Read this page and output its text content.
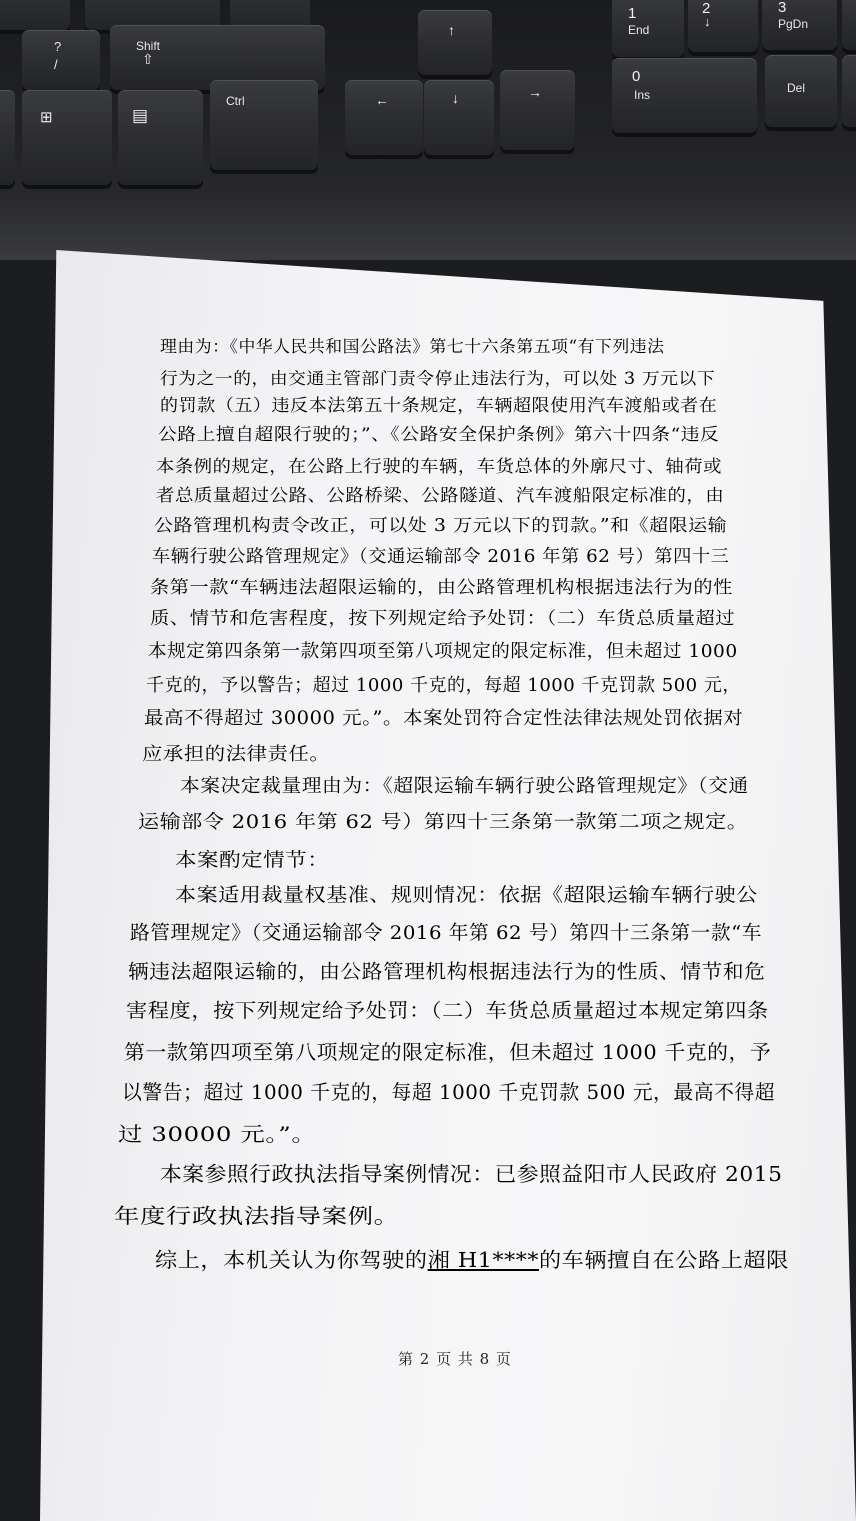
?
/
Shift
⇧
⊞	▤
Ctrl
↑
←	↓	→
1
End
2
↓
3
PgDn
0
Ins	Del
理由为：《中华人民共和国公路法》第七十六条第五项“有下列违法
行为之一的，由交通主管部门责令停止违法行为，可以处 3 万元以下
的罚款（五）违反本法第五十条规定，车辆超限使用汽车渡船或者在
公路上擅自超限行驶的；”、《公路安全保护条例》第六十四条“违反
本条例的规定，在公路上行驶的车辆，车货总体的外廓尺寸、轴荷或
者总质量超过公路、公路桥梁、公路隧道、汽车渡船限定标准的，由
公路管理机构责令改正，可以处 3 万元以下的罚款。”和《超限运输
车辆行驶公路管理规定》（交通运输部令 2016 年第 62 号）第四十三
条第一款“车辆违法超限运输的，由公路管理机构根据违法行为的性
质、情节和危害程度，按下列规定给予处罚：（二）车货总质量超过
本规定第四条第一款第四项至第八项规定的限定标准，但未超过 1000
千克的，予以警告；超过 1000 千克的，每超 1000 千克罚款 500 元，
最高不得超过 30000 元。”。本案处罚符合定性法律法规处罚依据对
应承担的法律责任。
本案决定裁量理由为：《超限运输车辆行驶公路管理规定》（交通
运输部令 2016 年第 62 号）第四十三条第一款第二项之规定。
本案酌定情节：
本案适用裁量权基准、规则情况：依据《超限运输车辆行驶公
路管理规定》（交通运输部令 2016 年第 62 号）第四十三条第一款“车
辆违法超限运输的，由公路管理机构根据违法行为的性质、情节和危
害程度，按下列规定给予处罚：（二）车货总质量超过本规定第四条
第一款第四项至第八项规定的限定标准，但未超过 1000 千克的，予
以警告；超过 1000 千克的，每超 1000 千克罚款 500 元，最高不得超
过 30000 元。”。
本案参照行政执法指导案例情况：已参照益阳市人民政府 2015
年度行政执法指导案例。
综上，本机关认为你驾驶的湘 H1****的车辆擅自在公路上超限
第 2 页 共 8 页
